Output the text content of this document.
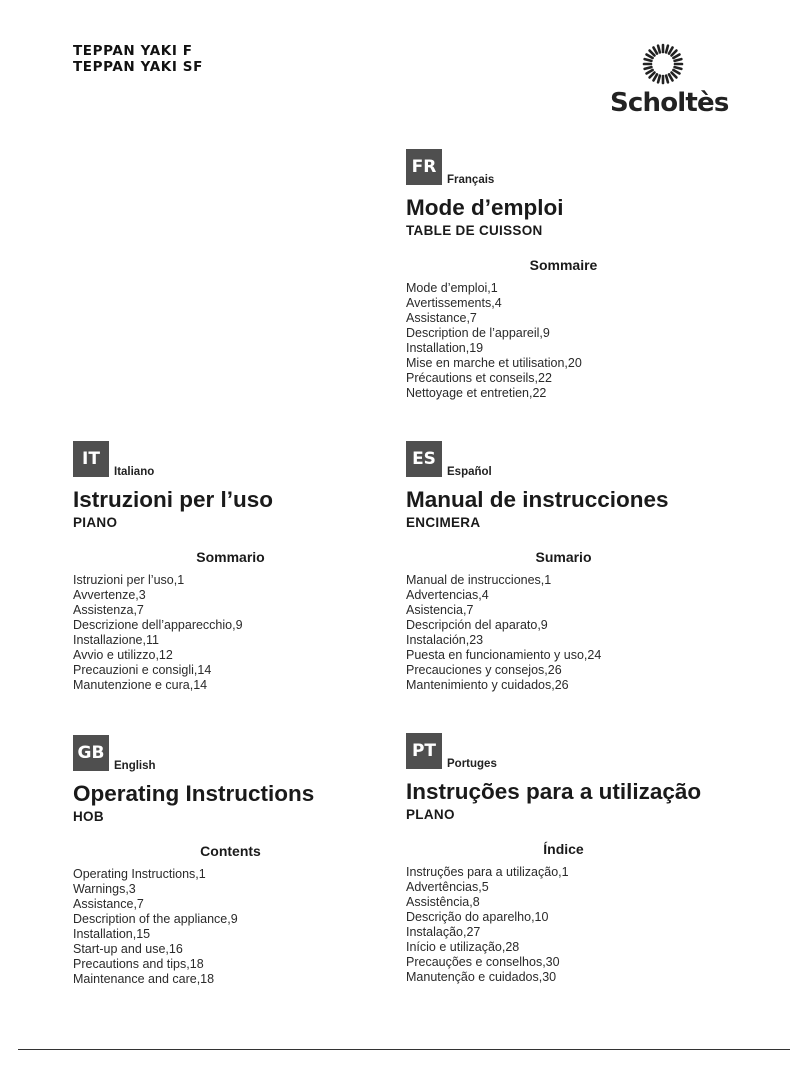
TEPPAN YAKI F
TEPPAN YAKI SF
Scholtès
FR
Français
Mode d’emploi
TABLE DE CUISSON
Sommaire
Mode d’emploi,1
Avertissements,4
Assistance,7
Description de l’appareil,9
Installation,19
Mise en marche et utilisation,20
Précautions et conseils,22
Nettoyage et entretien,22
IT
Italiano
Istruzioni per l’uso
PIANO
Sommario
Istruzioni per l’uso,1
Avvertenze,3
Assistenza,7
Descrizione dell’apparecchio,9
Installazione,11
Avvio e utilizzo,12
Precauzioni e consigli,14
Manutenzione e cura,14
ES
Español
Manual de instrucciones
ENCIMERA
Sumario
Manual de instrucciones,1
Advertencias,4
Asistencia,7
Descripción del aparato,9
Instalación,23
Puesta en funcionamiento y uso,24
Precauciones y consejos,26
Mantenimiento y cuidados,26
GB
English
Operating Instructions
HOB
Contents
Operating Instructions,1
Warnings,3
Assistance,7
Description of the appliance,9
Installation,15
Start-up and use,16
Precautions and tips,18
Maintenance and care,18
PT
Portuges
Instruções para a utilização
PLANO
Índice
Instruções para a utilização,1
Advertências,5
Assistência,8
Descrição do aparelho,10
Instalação,27
Início e utilização,28
Precauções e conselhos,30
Manutenção e cuidados,30
